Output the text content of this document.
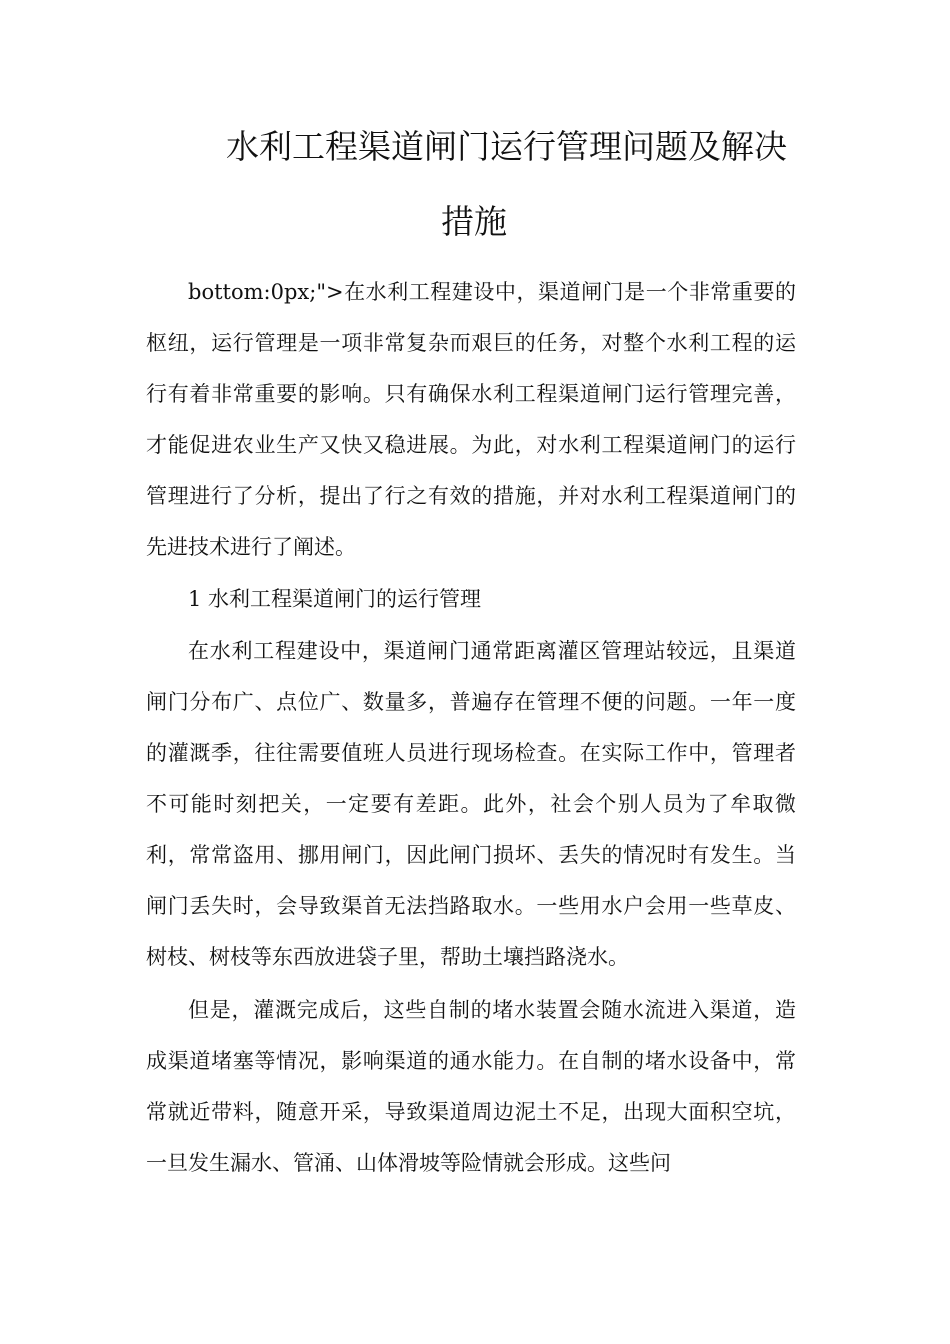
水利工程渠道闸门运行管理问题及解决
措施

bottom:0px;">在水利工程建设中，渠道闸门是一个非常重要的枢纽，运行管理是一项非常复杂而艰巨的任务，对整个水利工程的运行有着非常重要的影响。只有确保水利工程渠道闸门运行管理完善，才能促进农业生产又快又稳进展。为此，对水利工程渠道闸门的运行管理进行了分析，提出了行之有效的措施，并对水利工程渠道闸门的先进技术进行了阐述。

1 水利工程渠道闸门的运行管理

在水利工程建设中，渠道闸门通常距离灌区管理站较远，且渠道闸门分布广、点位广、数量多，普遍存在管理不便的问题。一年一度的灌溉季，往往需要值班人员进行现场检查。在实际工作中，管理者不可能时刻把关，一定要有差距。此外，社会个别人员为了牟取微利，常常盗用、挪用闸门，因此闸门损坏、丢失的情况时有发生。当闸门丢失时，会导致渠首无法挡路取水。一些用水户会用一些草皮、树枝、树枝等东西放进袋子里，帮助土壤挡路浇水。

但是，灌溉完成后，这些自制的堵水装置会随水流进入渠道，造成渠道堵塞等情况，影响渠道的通水能力。在自制的堵水设备中，常常就近带料，随意开采，导致渠道周边泥土不足，出现大面积空坑，一旦发生漏水、管涌、山体滑坡等险情就会形成。这些问
